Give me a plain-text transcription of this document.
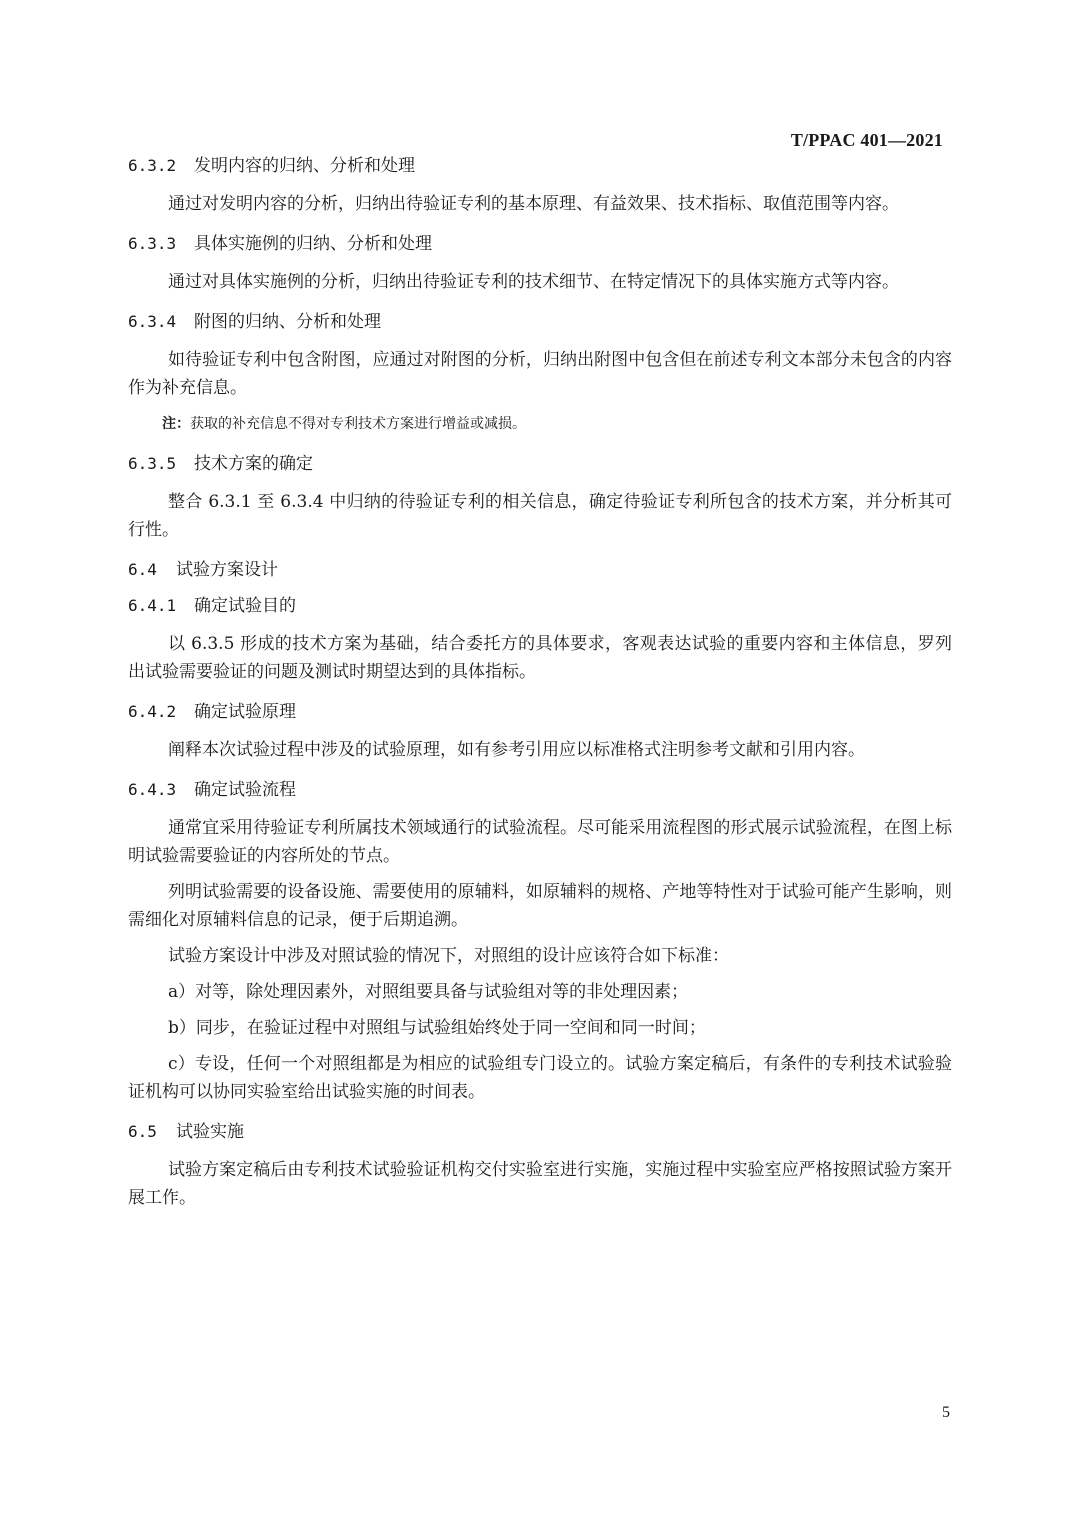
T/PPAC 401—2021
6.3.2 发明内容的归纳、分析和处理

通过对发明内容的分析，归纳出待验证专利的基本原理、有益效果、技术指标、取值范围等内容。

6.3.3 具体实施例的归纳、分析和处理

通过对具体实施例的分析，归纳出待验证专利的技术细节、在特定情况下的具体实施方式等内容。

6.3.4 附图的归纳、分析和处理

如待验证专利中包含附图，应通过对附图的分析，归纳出附图中包含但在前述专利文本部分未包含的内容作为补充信息。

注：获取的补充信息不得对专利技术方案进行增益或减损。
6.3.5 技术方案的确定

整合 6.3.1 至 6.3.4 中归纳的待验证专利的相关信息，确定待验证专利所包含的技术方案，并分析其可行性。

6.4 试验方案设计
6.4.1 确定试验目的

以 6.3.5 形成的技术方案为基础，结合委托方的具体要求，客观表达试验的重要内容和主体信息，罗列出试验需要验证的问题及测试时期望达到的具体指标。

6.4.2 确定试验原理

阐释本次试验过程中涉及的试验原理，如有参考引用应以标准格式注明参考文献和引用内容。

6.4.3 确定试验流程

通常宜采用待验证专利所属技术领域通行的试验流程。尽可能采用流程图的形式展示试验流程，在图上标明试验需要验证的内容所处的节点。

列明试验需要的设备设施、需要使用的原辅料，如原辅料的规格、产地等特性对于试验可能产生影响，则需细化对原辅料信息的记录，便于后期追溯。

试验方案设计中涉及对照试验的情况下，对照组的设计应该符合如下标准：

a）对等，除处理因素外，对照组要具备与试验组对等的非处理因素；

b）同步，在验证过程中对照组与试验组始终处于同一空间和同一时间；

c）专设，任何一个对照组都是为相应的试验组专门设立的。试验方案定稿后，有条件的专利技术试验验证机构可以协同实验室给出试验实施的时间表。

6.5 试验实施

试验方案定稿后由专利技术试验验证机构交付实验室进行实施，实施过程中实验室应严格按照试验方案开展工作。

5
